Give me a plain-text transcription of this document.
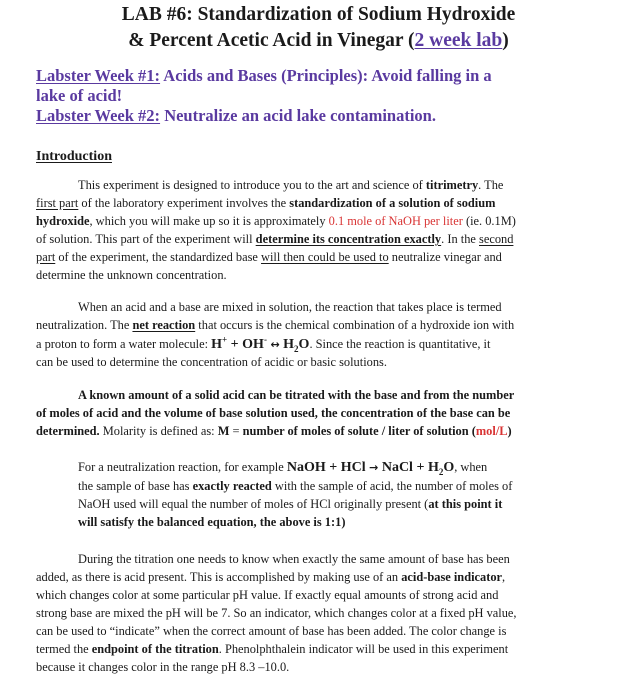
LAB #6: Standardization of Sodium Hydroxide
& Percent Acetic Acid in Vinegar (2 week lab)
Labster Week #1: Acids and Bases (Principles): Avoid falling in a
lake of acid!
Labster Week #2: Neutralize an acid lake contamination.
Introduction
This experiment is designed to introduce you to the art and science of titrimetry. The
first part of the laboratory experiment involves the standardization of a solution of sodium
hydroxide, which you will make up so it is approximately 0.1 mole of NaOH per liter (ie. 0.1M)
of solution. This part of the experiment will determine its concentration exactly. In the second
part of the experiment, the standardized base will then could be used to neutralize vinegar and
determine the unknown concentration.
When an acid and a base are mixed in solution, the reaction that takes place is termed
neutralization. The net reaction that occurs is the chemical combination of a hydroxide ion with
a proton to form a water molecule: H+ + OH- ↔ $H_2O$. Since the reaction is quantitative, it
can be used to determine the concentration of acidic or basic solutions.
A known amount of a solid acid can be titrated with the base and from the number
of moles of acid and the volume of base solution used, the concentration of the base can be
determined. Molarity is defined as: M = number of moles of solute / liter of solution (mol/L)
For a neutralization reaction, for example NaOH + HCl → NaCl + $H_2O$, when
the sample of base has exactly reacted with the sample of acid, the number of moles of
NaOH used will equal the number of moles of HCl originally present (at this point it
will satisfy the balanced equation, the above is 1:1)
During the titration one needs to know when exactly the same amount of base has been
added, as there is acid present. This is accomplished by making use of an acid-base indicator,
which changes color at some particular pH value. If exactly equal amounts of strong acid and
strong base are mixed the pH will be 7. So an indicator, which changes color at a fixed pH value,
can be used to “indicate” when the correct amount of base has been added. The color change is
termed the endpoint of the titration. Phenolphthalein indicator will be used in this experiment
because it changes color in the range pH 8.3 –10.0.
